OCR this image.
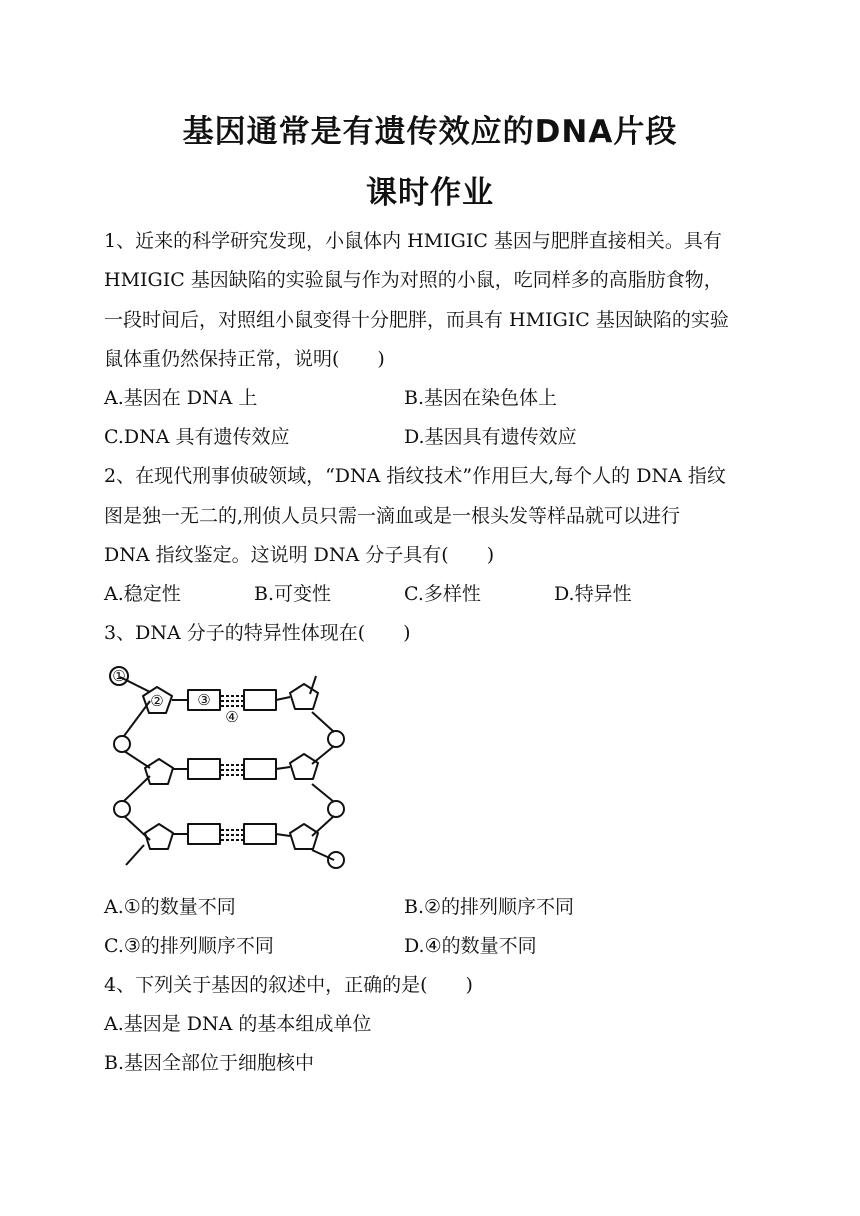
基因通常是有遗传效应的DNA片段
课时作业

1、近来的科学研究发现，小鼠体内 HMIGIC 基因与肥胖直接相关。具有

HMIGIC 基因缺陷的实验鼠与作为对照的小鼠，吃同样多的高脂肪食物，

一段时间后，对照组小鼠变得十分肥胖，而具有 HMIGIC 基因缺陷的实验

鼠体重仍然保持正常，说明(　　)

A.基因在 DNA 上	B.基因在染色体上
C.DNA 具有遗传效应	D.基因具有遗传效应

2、在现代刑事侦破领域，“DNA 指纹技术”作用巨大,每个人的 DNA 指纹

图是独一无二的,刑侦人员只需一滴血或是一根头发等样品就可以进行

DNA 指纹鉴定。这说明 DNA 分子具有(　　)

A.稳定性	B.可变性	C.多样性	D.特异性

3、DNA 分子的特异性体现在(　　)

①
② ③
④
A.①的数量不同	B.②的排列顺序不同
C.③的排列顺序不同	D.④的数量不同

4、下列关于基因的叙述中，正确的是(　　)

A.基因是 DNA 的基本组成单位
B.基因全部位于细胞核中
